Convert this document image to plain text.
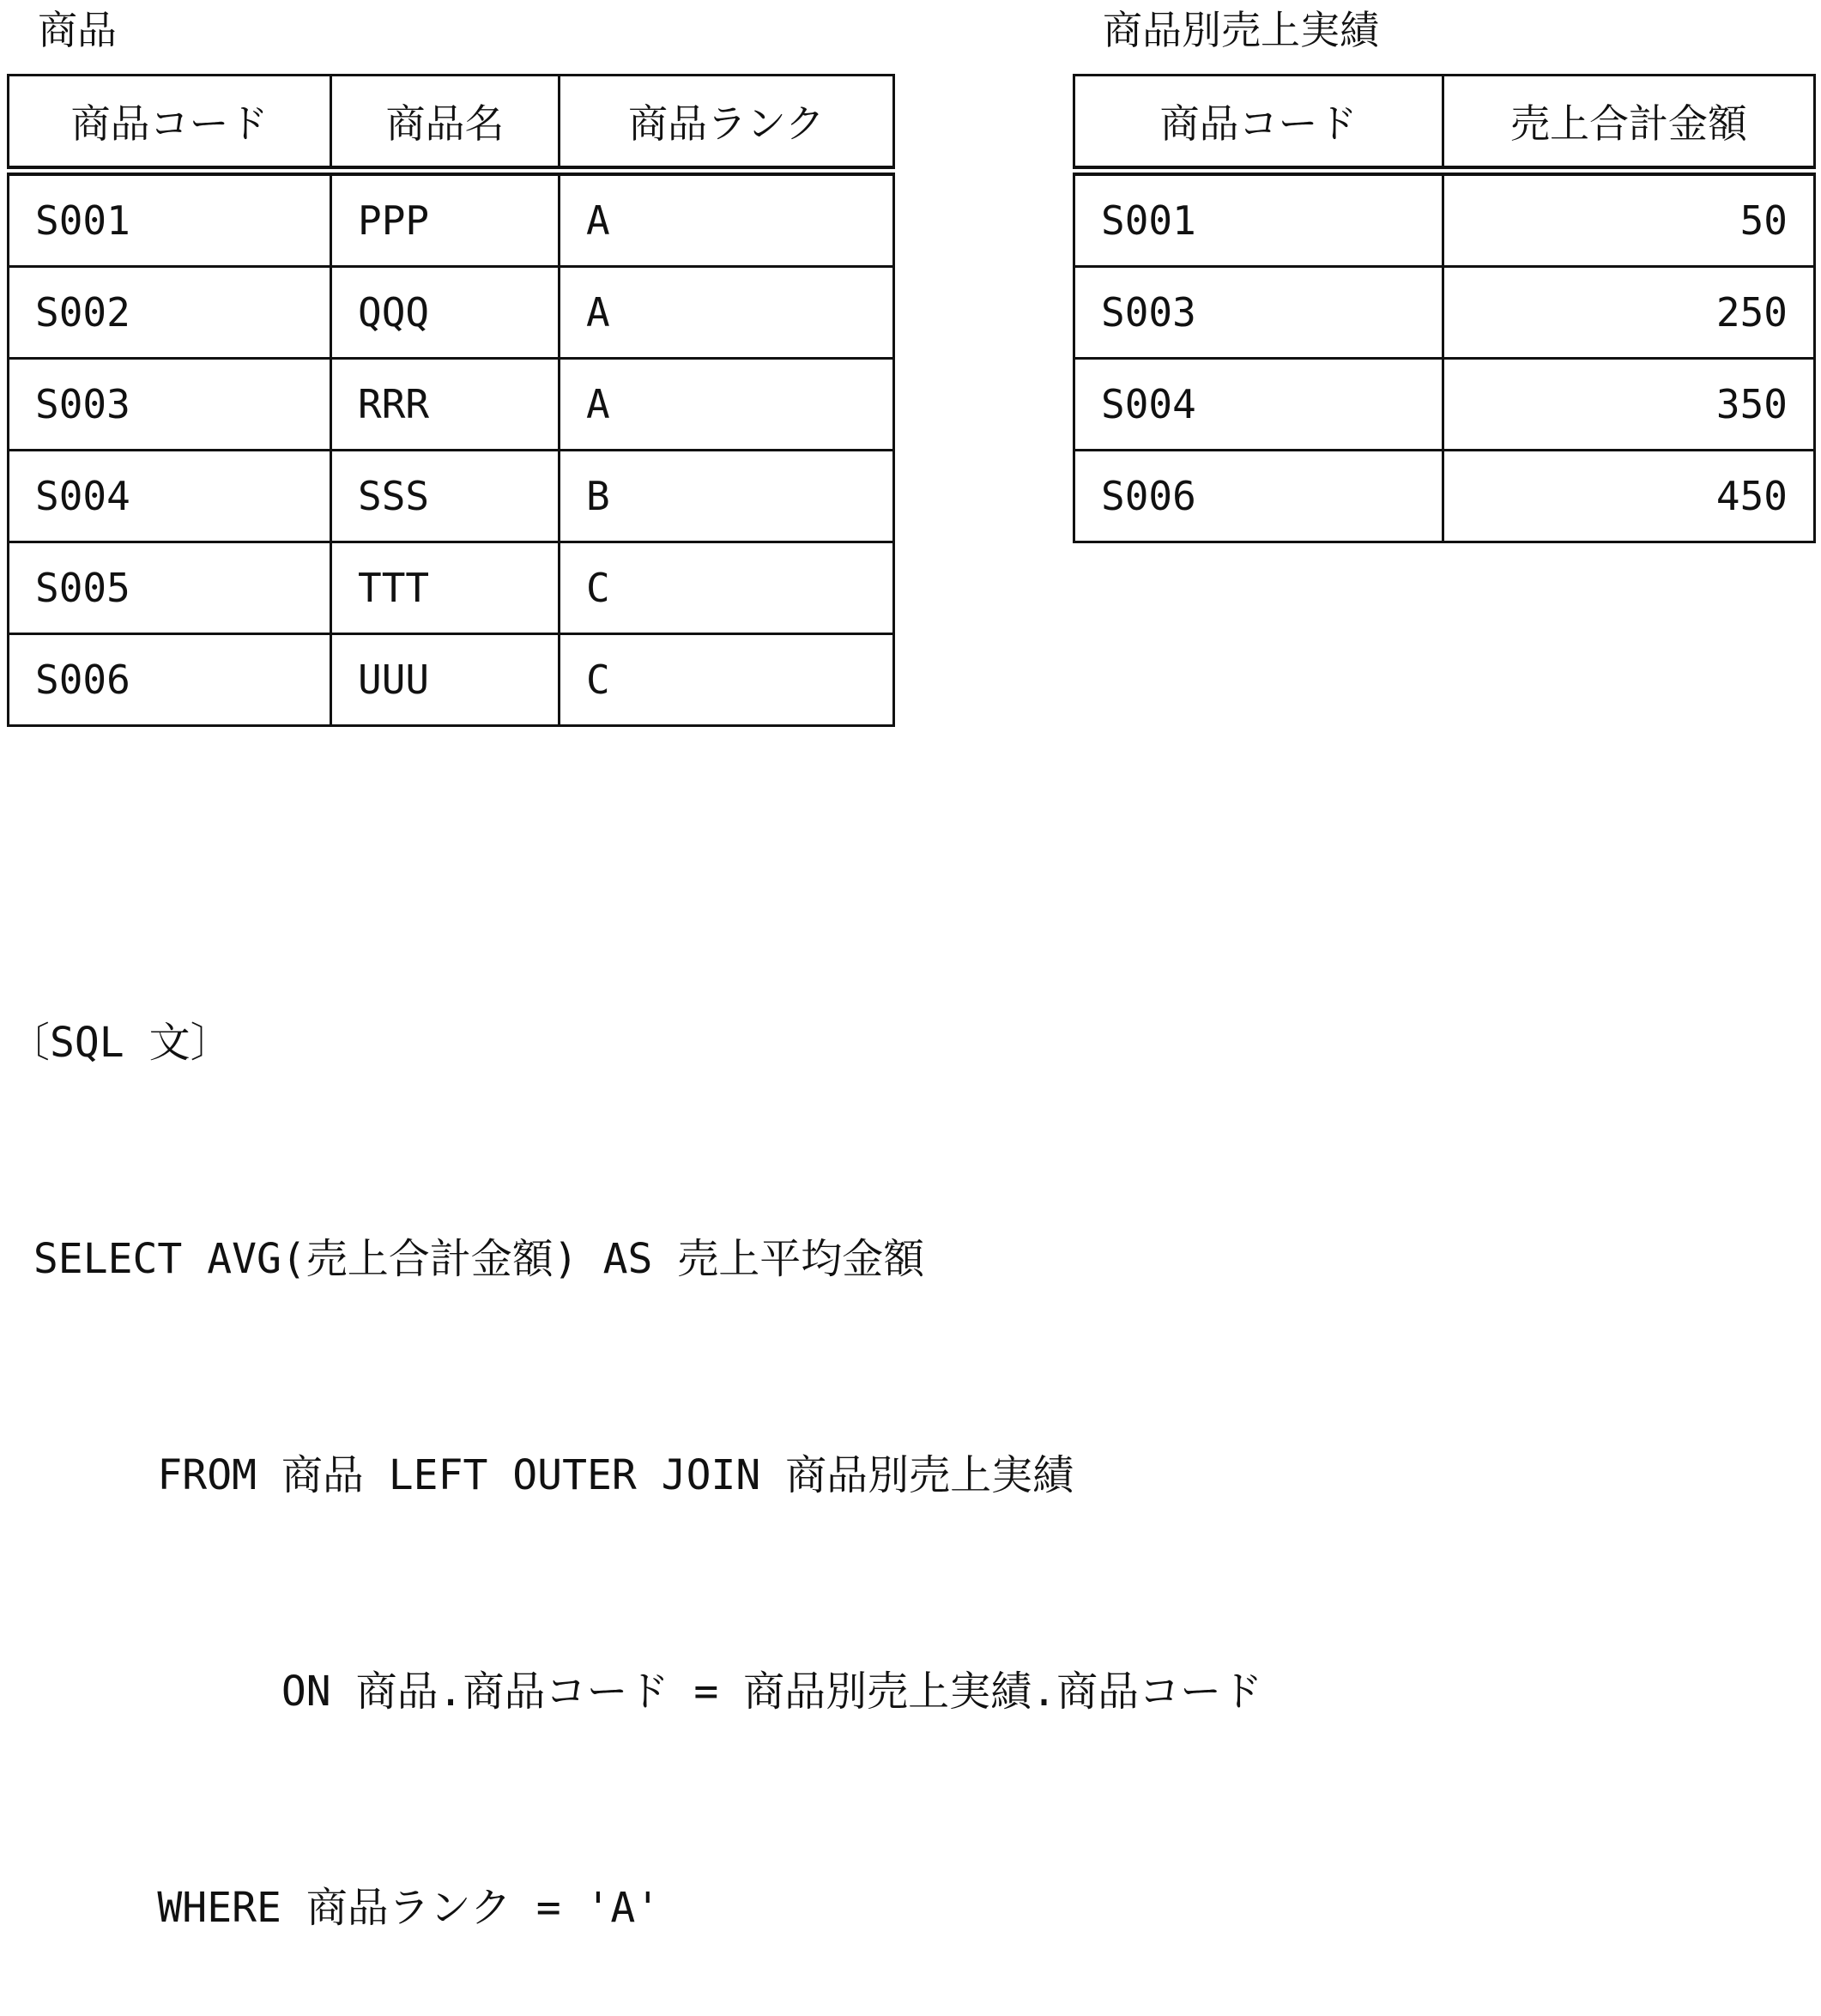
商品	商品別売上実績
商品コード	商品名	商品ランク
S001	PPP	A
S002	QQQ	A
S003	RRR	A
S004	SSS	B
S005	TTT	C
S006	UUU	C
商品コード	売上合計金額
S001	50
S003	250
S004	350
S006	450

〔SQL 文〕

SELECT AVG(売上合計金額) AS 売上平均金額

FROM 商品 LEFT OUTER JOIN 商品別売上実績

ON 商品.商品コード = 商品別売上実績.商品コード

WHERE 商品ランク = 'A'
